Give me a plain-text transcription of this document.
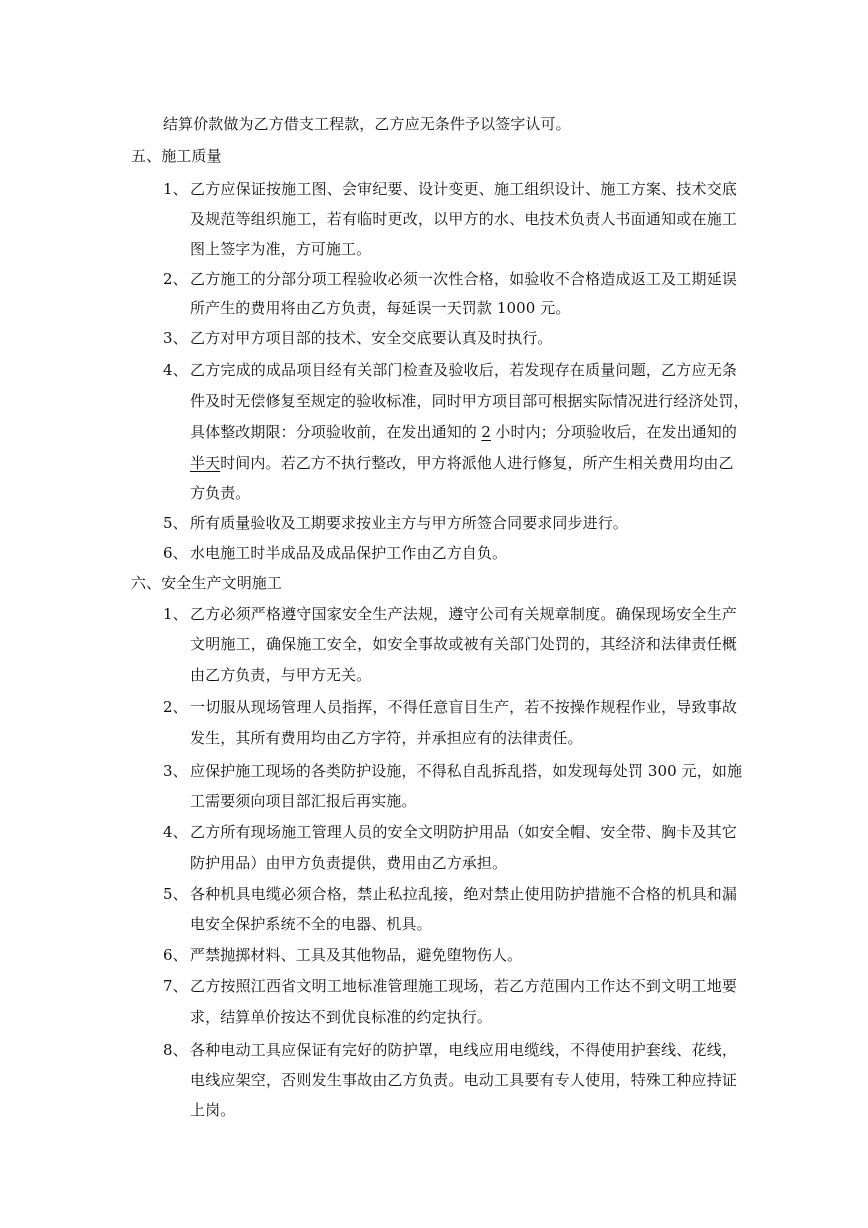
结算价款做为乙方借支工程款，乙方应无条件予以签字认可。
五、施工质量
1、 乙方应保证按施工图、会审纪要、设计变更、施工组织设计、施工方案、技术交底
及规范等组织施工，若有临时更改，以甲方的水、电技术负责人书面通知或在施工
图上签字为准，方可施工。
2、 乙方施工的分部分项工程验收必须一次性合格，如验收不合格造成返工及工期延误
所产生的费用将由乙方负责，每延误一天罚款 1000 元。
3、 乙方对甲方项目部的技术、安全交底要认真及时执行。
4、 乙方完成的成品项目经有关部门检查及验收后，若发现存在质量问题，乙方应无条
件及时无偿修复至规定的验收标准，同时甲方项目部可根据实际情况进行经济处罚，
具体整改期限：分项验收前，在发出通知的 2 小时内；分项验收后，在发出通知的
半天时间内。若乙方不执行整改，甲方将派他人进行修复，所产生相关费用均由乙
方负责。
5、 所有质量验收及工期要求按业主方与甲方所签合同要求同步进行。
6、 水电施工时半成品及成品保护工作由乙方自负。
六、安全生产文明施工
1、 乙方必须严格遵守国家安全生产法规，遵守公司有关规章制度。确保现场安全生产
文明施工，确保施工安全，如安全事故或被有关部门处罚的，其经济和法律责任概
由乙方负责，与甲方无关。
2、 一切服从现场管理人员指挥，不得任意盲目生产，若不按操作规程作业，导致事故
发生，其所有费用均由乙方字符，并承担应有的法律责任。
3、 应保护施工现场的各类防护设施，不得私自乱拆乱搭，如发现每处罚 300 元，如施
工需要须向项目部汇报后再实施。
4、 乙方所有现场施工管理人员的安全文明防护用品（如安全帽、安全带、胸卡及其它
防护用品）由甲方负责提供，费用由乙方承担。
5、 各种机具电缆必须合格，禁止私拉乱接，绝对禁止使用防护措施不合格的机具和漏
电安全保护系统不全的电器、机具。
6、 严禁抛掷材料、工具及其他物品，避免堕物伤人。
7、 乙方按照江西省文明工地标准管理施工现场，若乙方范围内工作达不到文明工地要
求，结算单价按达不到优良标准的约定执行。
8、 各种电动工具应保证有完好的防护罩，电线应用电缆线，不得使用护套线、花线，
电线应架空，否则发生事故由乙方负责。电动工具要有专人使用，特殊工种应持证
上岗。
